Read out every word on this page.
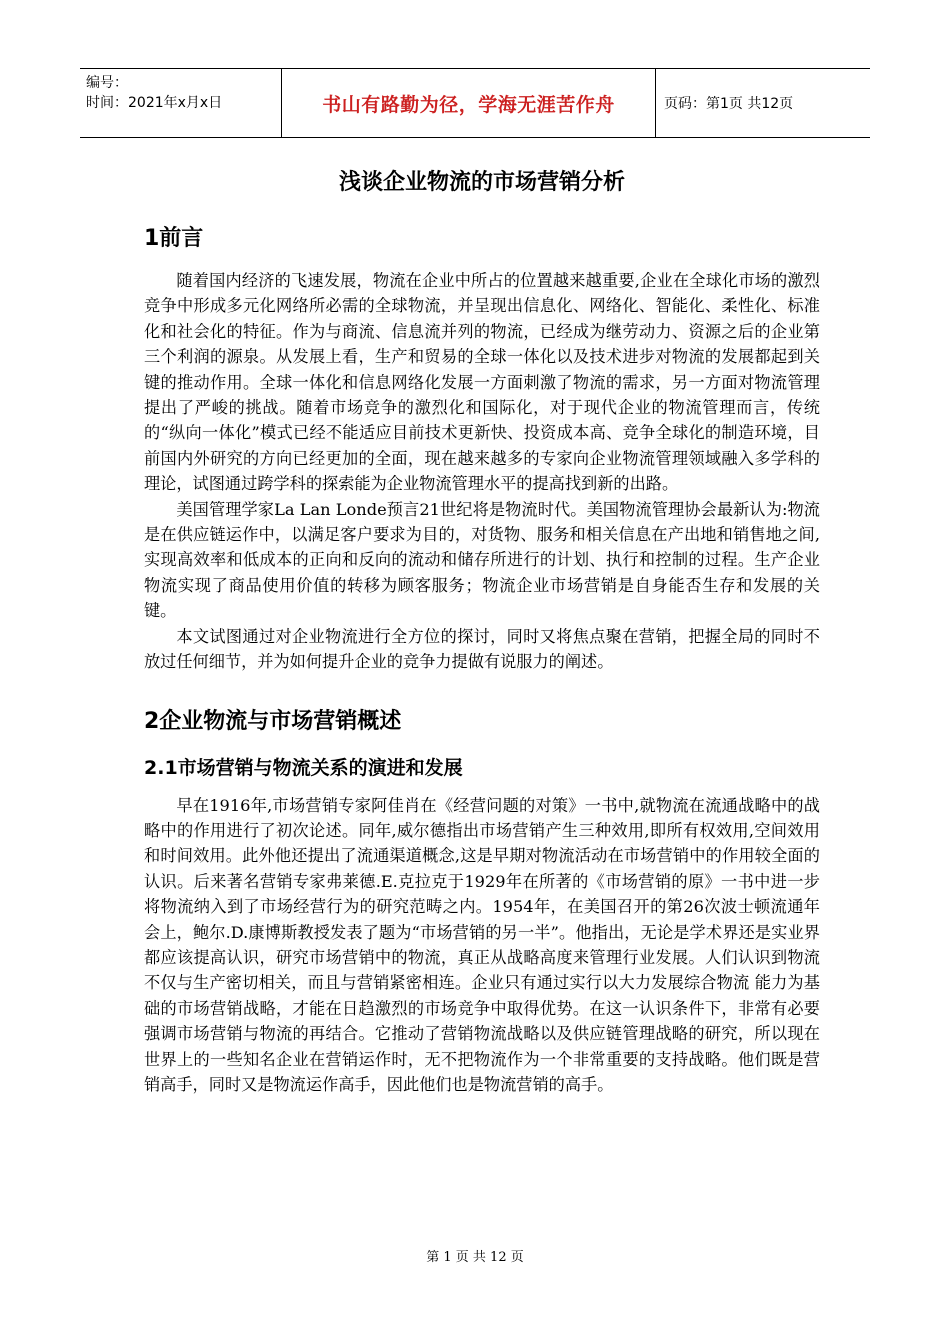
编号：
时间：2021年x月x日	书山有路勤为径，学海无涯苦作舟	页码：第1页 共12页
浅谈企业物流的市场营销分析
1前言

随着国内经济的飞速发展，物流在企业中所占的位置越来越重要,企业在全球化市场的激烈竞争中形成多元化网络所必需的全球物流，并呈现出信息化、网络化、智能化、柔性化、标准化和社会化的特征。作为与商流、信息流并列的物流，已经成为继劳动力、资源之后的企业第三个利润的源泉。从发展上看，生产和贸易的全球一体化以及技术进步对物流的发展都起到关键的推动作用。全球一体化和信息网络化发展一方面刺激了物流的需求，另一方面对物流管理提出了严峻的挑战。随着市场竞争的激烈化和国际化，对于现代企业的物流管理而言，传统的“纵向一体化”模式已经不能适应目前技术更新快、投资成本高、竞争全球化的制造环境，目前国内外研究的方向已经更加的全面，现在越来越多的专家向企业物流管理领域融入多学科的理论，试图通过跨学科的探索能为企业物流管理水平的提高找到新的出路。

美国管理学家La Lan Londe预言21世纪将是物流时代。美国物流管理协会最新认为:物流是在供应链运作中，以满足客户要求为目的，对货物、服务和相关信息在产出地和销售地之间,实现高效率和低成本的正向和反向的流动和储存所进行的计划、执行和控制的过程。生产企业物流实现了商品使用价值的转移为顾客服务；物流企业市场营销是自身能否生存和发展的关键。

本文试图通过对企业物流进行全方位的探讨，同时又将焦点聚在营销，把握全局的同时不放过任何细节，并为如何提升企业的竞争力提做有说服力的阐述。

2企业物流与市场营销概述
2.1市场营销与物流关系的演进和发展

早在1916年,市场营销专家阿佳肖在《经营问题的对策》一书中,就物流在流通战略中的战略中的作用进行了初次论述。同年,威尔德指出市场营销产生三种效用,即所有权效用,空间效用和时间效用。此外他还提出了流通渠道概念,这是早期对物流活动在市场营销中的作用较全面的认识。后来著名营销专家弗莱德.E.克拉克于1929年在所著的《市场营销的原》一书中进一步将物流纳入到了市场经营行为的研究范畴之内。1954年，在美国召开的第26次波士顿流通年会上，鲍尔.D.康博斯教授发表了题为“市场营销的另一半”。他指出，无论是学术界还是实业界都应该提高认识，研究市场营销中的物流，真正从战略高度来管理行业发展。人们认识到物流不仅与生产密切相关，而且与营销紧密相连。企业只有通过实行以大力发展综合物流 能力为基础的市场营销战略，才能在日趋激烈的市场竞争中取得优势。在这一认识条件下，非常有必要强调市场营销与物流的再结合。它推动了营销物流战略以及供应链管理战略的研究，所以现在世界上的一些知名企业在营销运作时，无不把物流作为一个非常重要的支持战略。他们既是营销高手，同时又是物流运作高手，因此他们也是物流营销的高手。

第 1 页 共 12 页
